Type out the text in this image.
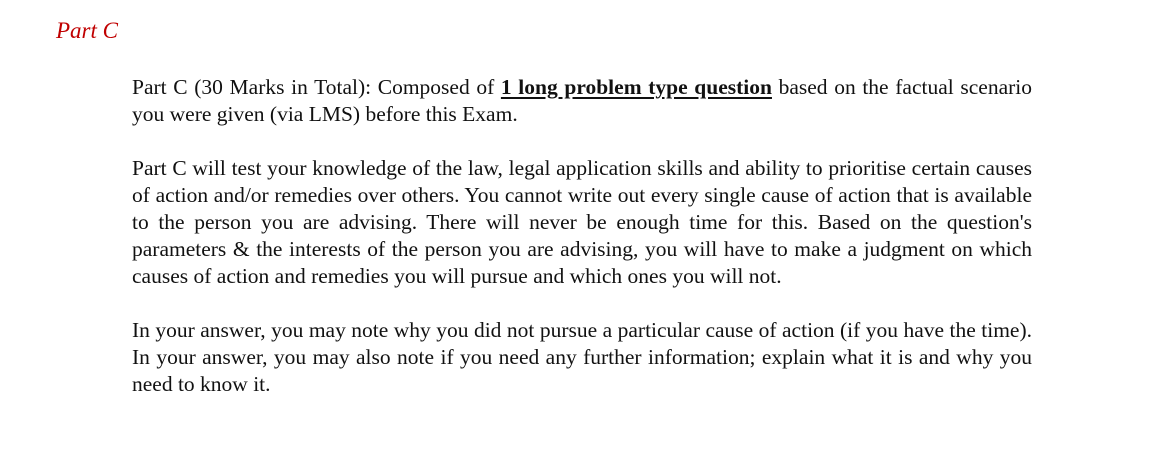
Part C

Part C (30 Marks in Total): Composed of 1 long problem type question based on the factual scenario you were given (via LMS) before this Exam.

Part C will test your knowledge of the law, legal application skills and ability to prioritise certain causes of action and/or remedies over others. You cannot write out every single cause of action that is available to the person you are advising. There will never be enough time for this. Based on the question's parameters & the interests of the person you are advising, you will have to make a judgment on which causes of action and remedies you will pursue and which ones you will not.

In your answer, you may note why you did not pursue a particular cause of action (if you have the time). In your answer, you may also note if you need any further information; explain what it is and why you need to know it.
